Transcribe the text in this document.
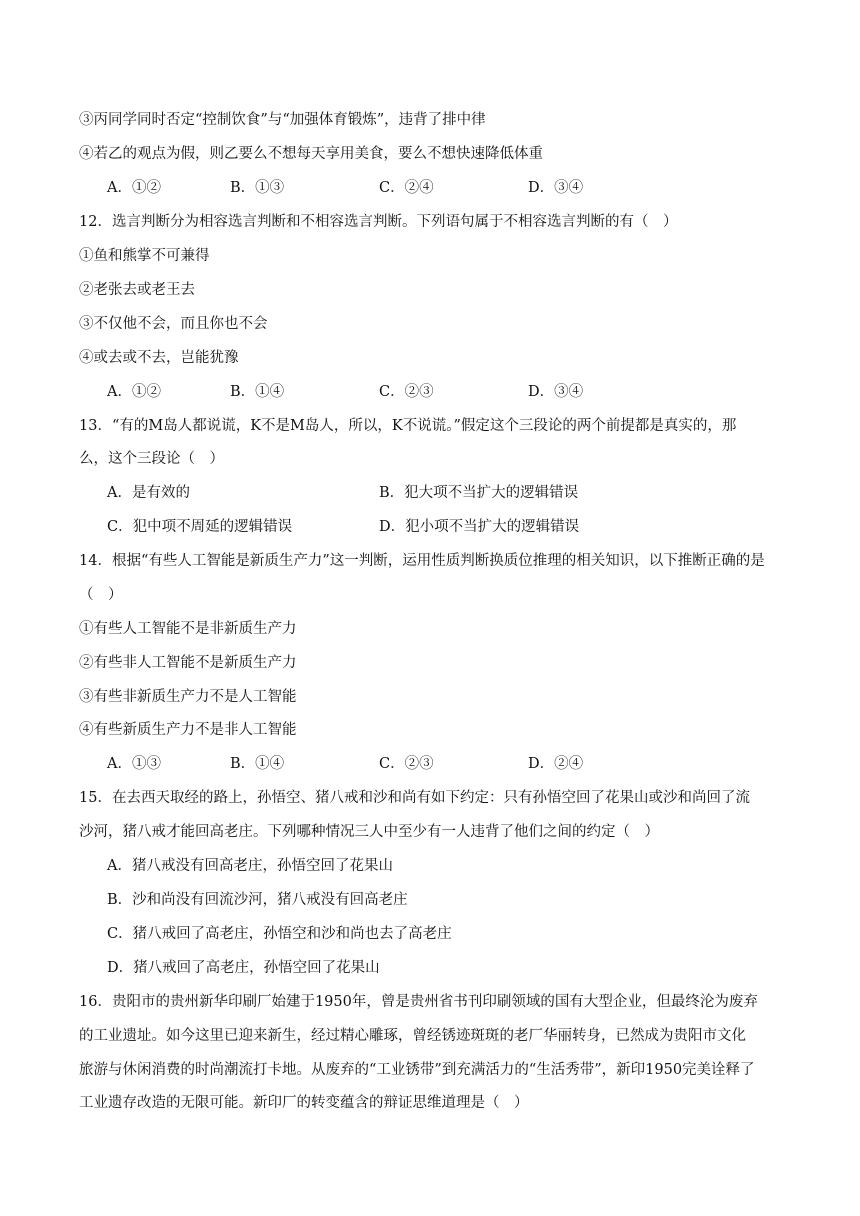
③丙同学同时否定“控制饮食”与“加强体育锻炼”，违背了排中律
④若乙的观点为假，则乙要么不想每天享用美食，要么不想快速降低体重
A．①②	B．①③	C．②④	D．③④
12．选言判断分为相容选言判断和不相容选言判断。下列语句属于不相容选言判断的有（　）
①鱼和熊掌不可兼得
②老张去或老王去
③不仅他不会，而且你也不会
④或去或不去，岂能犹豫
A．①②	B．①④	C．②③	D．③④
13．“有的M岛人都说谎，K不是M岛人，所以，K不说谎。”假定这个三段论的两个前提都是真实的，那
么，这个三段论（　）
A．是有效的	B．犯大项不当扩大的逻辑错误
C．犯中项不周延的逻辑错误	D．犯小项不当扩大的逻辑错误
14．根据“有些人工智能是新质生产力”这一判断，运用性质判断换质位推理的相关知识，以下推断正确的是
（　）
①有些人工智能不是非新质生产力
②有些非人工智能不是新质生产力
③有些非新质生产力不是人工智能
④有些新质生产力不是非人工智能
A．①③	B．①④	C．②③	D．②④
15．在去西天取经的路上，孙悟空、猪八戒和沙和尚有如下约定：只有孙悟空回了花果山或沙和尚回了流
沙河，猪八戒才能回高老庄。下列哪种情况三人中至少有一人违背了他们之间的约定（　）
A．猪八戒没有回高老庄，孙悟空回了花果山
B．沙和尚没有回流沙河，猪八戒没有回高老庄
C．猪八戒回了高老庄，孙悟空和沙和尚也去了高老庄
D．猪八戒回了高老庄，孙悟空回了花果山
16．贵阳市的贵州新华印刷厂始建于1950年，曾是贵州省书刊印刷领域的国有大型企业，但最终沦为废弃
的工业遗址。如今这里已迎来新生，经过精心雕琢，曾经锈迹斑斑的老厂华丽转身，已然成为贵阳市文化
旅游与休闲消费的时尚潮流打卡地。从废弃的“工业锈带”到充满活力的“生活秀带”，新印1950完美诠释了
工业遗存改造的无限可能。新印厂的转变蕴含的辩证思维道理是（　）
